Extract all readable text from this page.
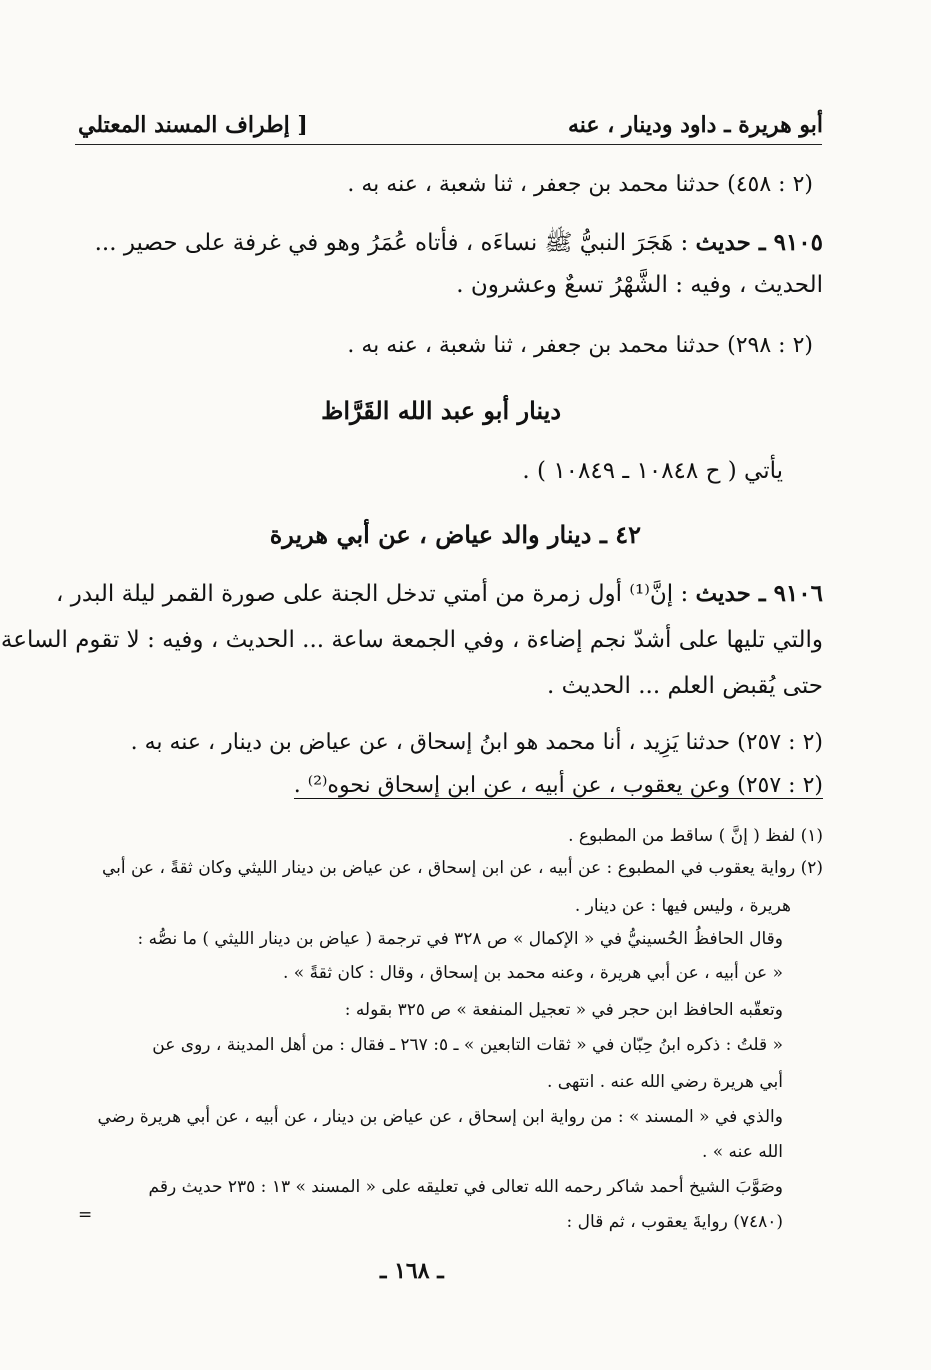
أبو هريرة ـ داود ودينار ، عنه
[ إطراف المسند المعتلي
(٢ : ٤٥٨) حدثنا محمد بن جعفر ، ثنا شعبة ، عنه به .
٩١٠٥ ـ حديث : هَجَرَ النبيُّ ﷺ نساءَه ، فأتاه عُمَرُ وهو في غرفة على حصير ...
الحديث ، وفيه : الشَّهْرُ تسعٌ وعشرون .
(٢ : ٢٩٨) حدثنا محمد بن جعفر ، ثنا شعبة ، عنه به .
دينار أبو عبد الله القَرَّاظ
يأتي ( ح ١٠٨٤٨ ـ ١٠٨٤٩ ) .
٤٢ ـ دينار والد عياض ، عن أبي هريرة
٩١٠٦ ـ حديث : إنَّ⁽¹⁾ أول زمرة من أمتي تدخل الجنة على صورة القمر ليلة البدر ،
والتي تليها على أشدّ نجم إضاءة ، وفي الجمعة ساعة ... الحديث ، وفيه : لا تقوم الساعة
حتى يُقبض العلم ... الحديث .
(٢ : ٢٥٧) حدثنا يَزِيد ، أنا محمد هو ابنُ إسحاق ، عن عياض بن دينار ، عنه به .
(٢ : ٢٥٧) وعن يعقوب ، عن أبيه ، عن ابن إسحاق نحوه⁽²⁾ .
(١) لفظ ( إنَّ ) ساقط من المطبوع .
(٢) رواية يعقوب في المطبوع : عن أبيه ، عن ابن إسحاق ، عن عياض بن دينار الليثي وكان ثقةً ، عن أبي
هريرة ، وليس فيها : عن دينار .
وقال الحافظُ الحُسينيُّ في « الإكمال » ص ٣٢٨ في ترجمة ( عياض بن دينار الليثي ) ما نصُّه :
« عن أبيه ، عن أبي هريرة ، وعنه محمد بن إسحاق ، وقال : كان ثقةً » .
وتعقّبه الحافظ ابن حجر في « تعجيل المنفعة » ص ٣٢٥ بقوله :
« قلتُ : ذكره ابنُ حِبّان في « ثقات التابعين » ـ ٥: ٢٦٧ ـ فقال : من أهل المدينة ، روى عن
أبي هريرة رضي الله عنه . انتهى .
والذي في « المسند » : من رواية ابن إسحاق ، عن عياض بن دينار ، عن أبيه ، عن أبي هريرة رضي
الله عنه » .
وصَوَّبَ الشيخ أحمد شاكر رحمه الله تعالى في تعليقه على « المسند » ١٣ : ٢٣٥ حديث رقم
(٧٤٨٠) روايةَ يعقوب ، ثم قال :
=
ـ ١٦٨ ـ
